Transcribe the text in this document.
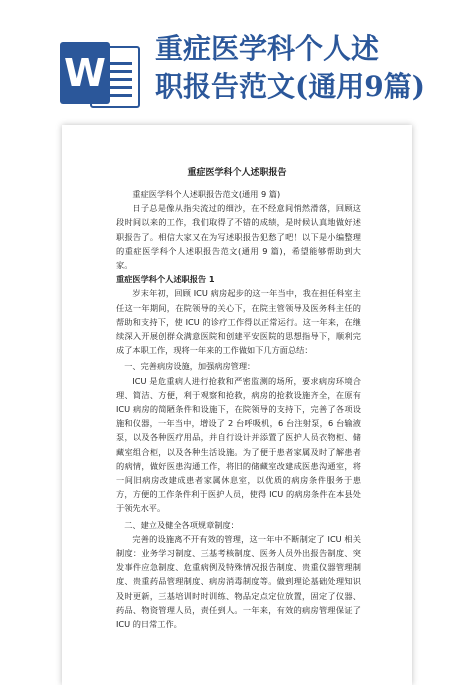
W
重症医学科个人述
职报告范文(通用9篇)
重症医学科个人述职报告

重症医学科个人述职报告范文(通用 9 篇)

日子总是像从指尖流过的细沙，在不经意间悄然滑落，回顾这段时间以来的工作，我们取得了不错的成绩，是时候认真地做好述职报告了。相信大家又在为写述职报告犯愁了吧！以下是小编整理的重症医学科个人述职报告范文(通用 9 篇)，希望能够帮助到大家。

重症医学科个人述职报告 1

岁末年初，回顾 ICU 病房起步的这一年当中，我在担任科室主任这一年期间，在院领导的关心下，在院主管领导及医务科主任的帮助和支持下，使 ICU 的诊疗工作得以正常运行。这一年来，在继续深入开展创群众满意医院和创建平安医院的思想指导下，顺利完成了本职工作，现将一年来的工作做如下几方面总结：

一、完善病房设施，加强病房管理：

ICU 是危重病人进行抢救和严密监测的场所，要求病房环境合理、简洁、方便，利于观察和抢救，病房的抢救设施齐全，在原有 ICU 病房的简陋条件和设施下，在院领导的支持下，完善了各项设施和仪器，一年当中，增设了 2 台呼吸机，6 台注射泵，6 台输液泵，以及各种医疗用品，并自行设计并添置了医护人员衣物柜、储藏室组合柜，以及各种生活设施。为了便于患者家属及时了解患者的病情，做好医患沟通工作，将旧的储藏室改建成医患沟通室，将一间旧病房改建成患者家属休息室，以优质的病房条件服务于患方，方便的工作条件利于医护人员，使得 ICU 的病房条件在本县处于领先水平。

二、建立及健全各项规章制度：

完善的设施离不开有效的管理，这一年中不断制定了 ICU 相关制度：业务学习制度、三基考核制度、医务人员外出报告制度、突发事件应急制度、危重病例及特殊情况报告制度、贵重仪器管理制度、贵重药品管理制度、病房消毒制度等。做到理论基础处理知识及时更新，三基培训时时训练、物品定点定位放置，固定了仪器、药品、物资管理人员，责任到人。一年来，有效的病房管理保证了 ICU 的日常工作。
